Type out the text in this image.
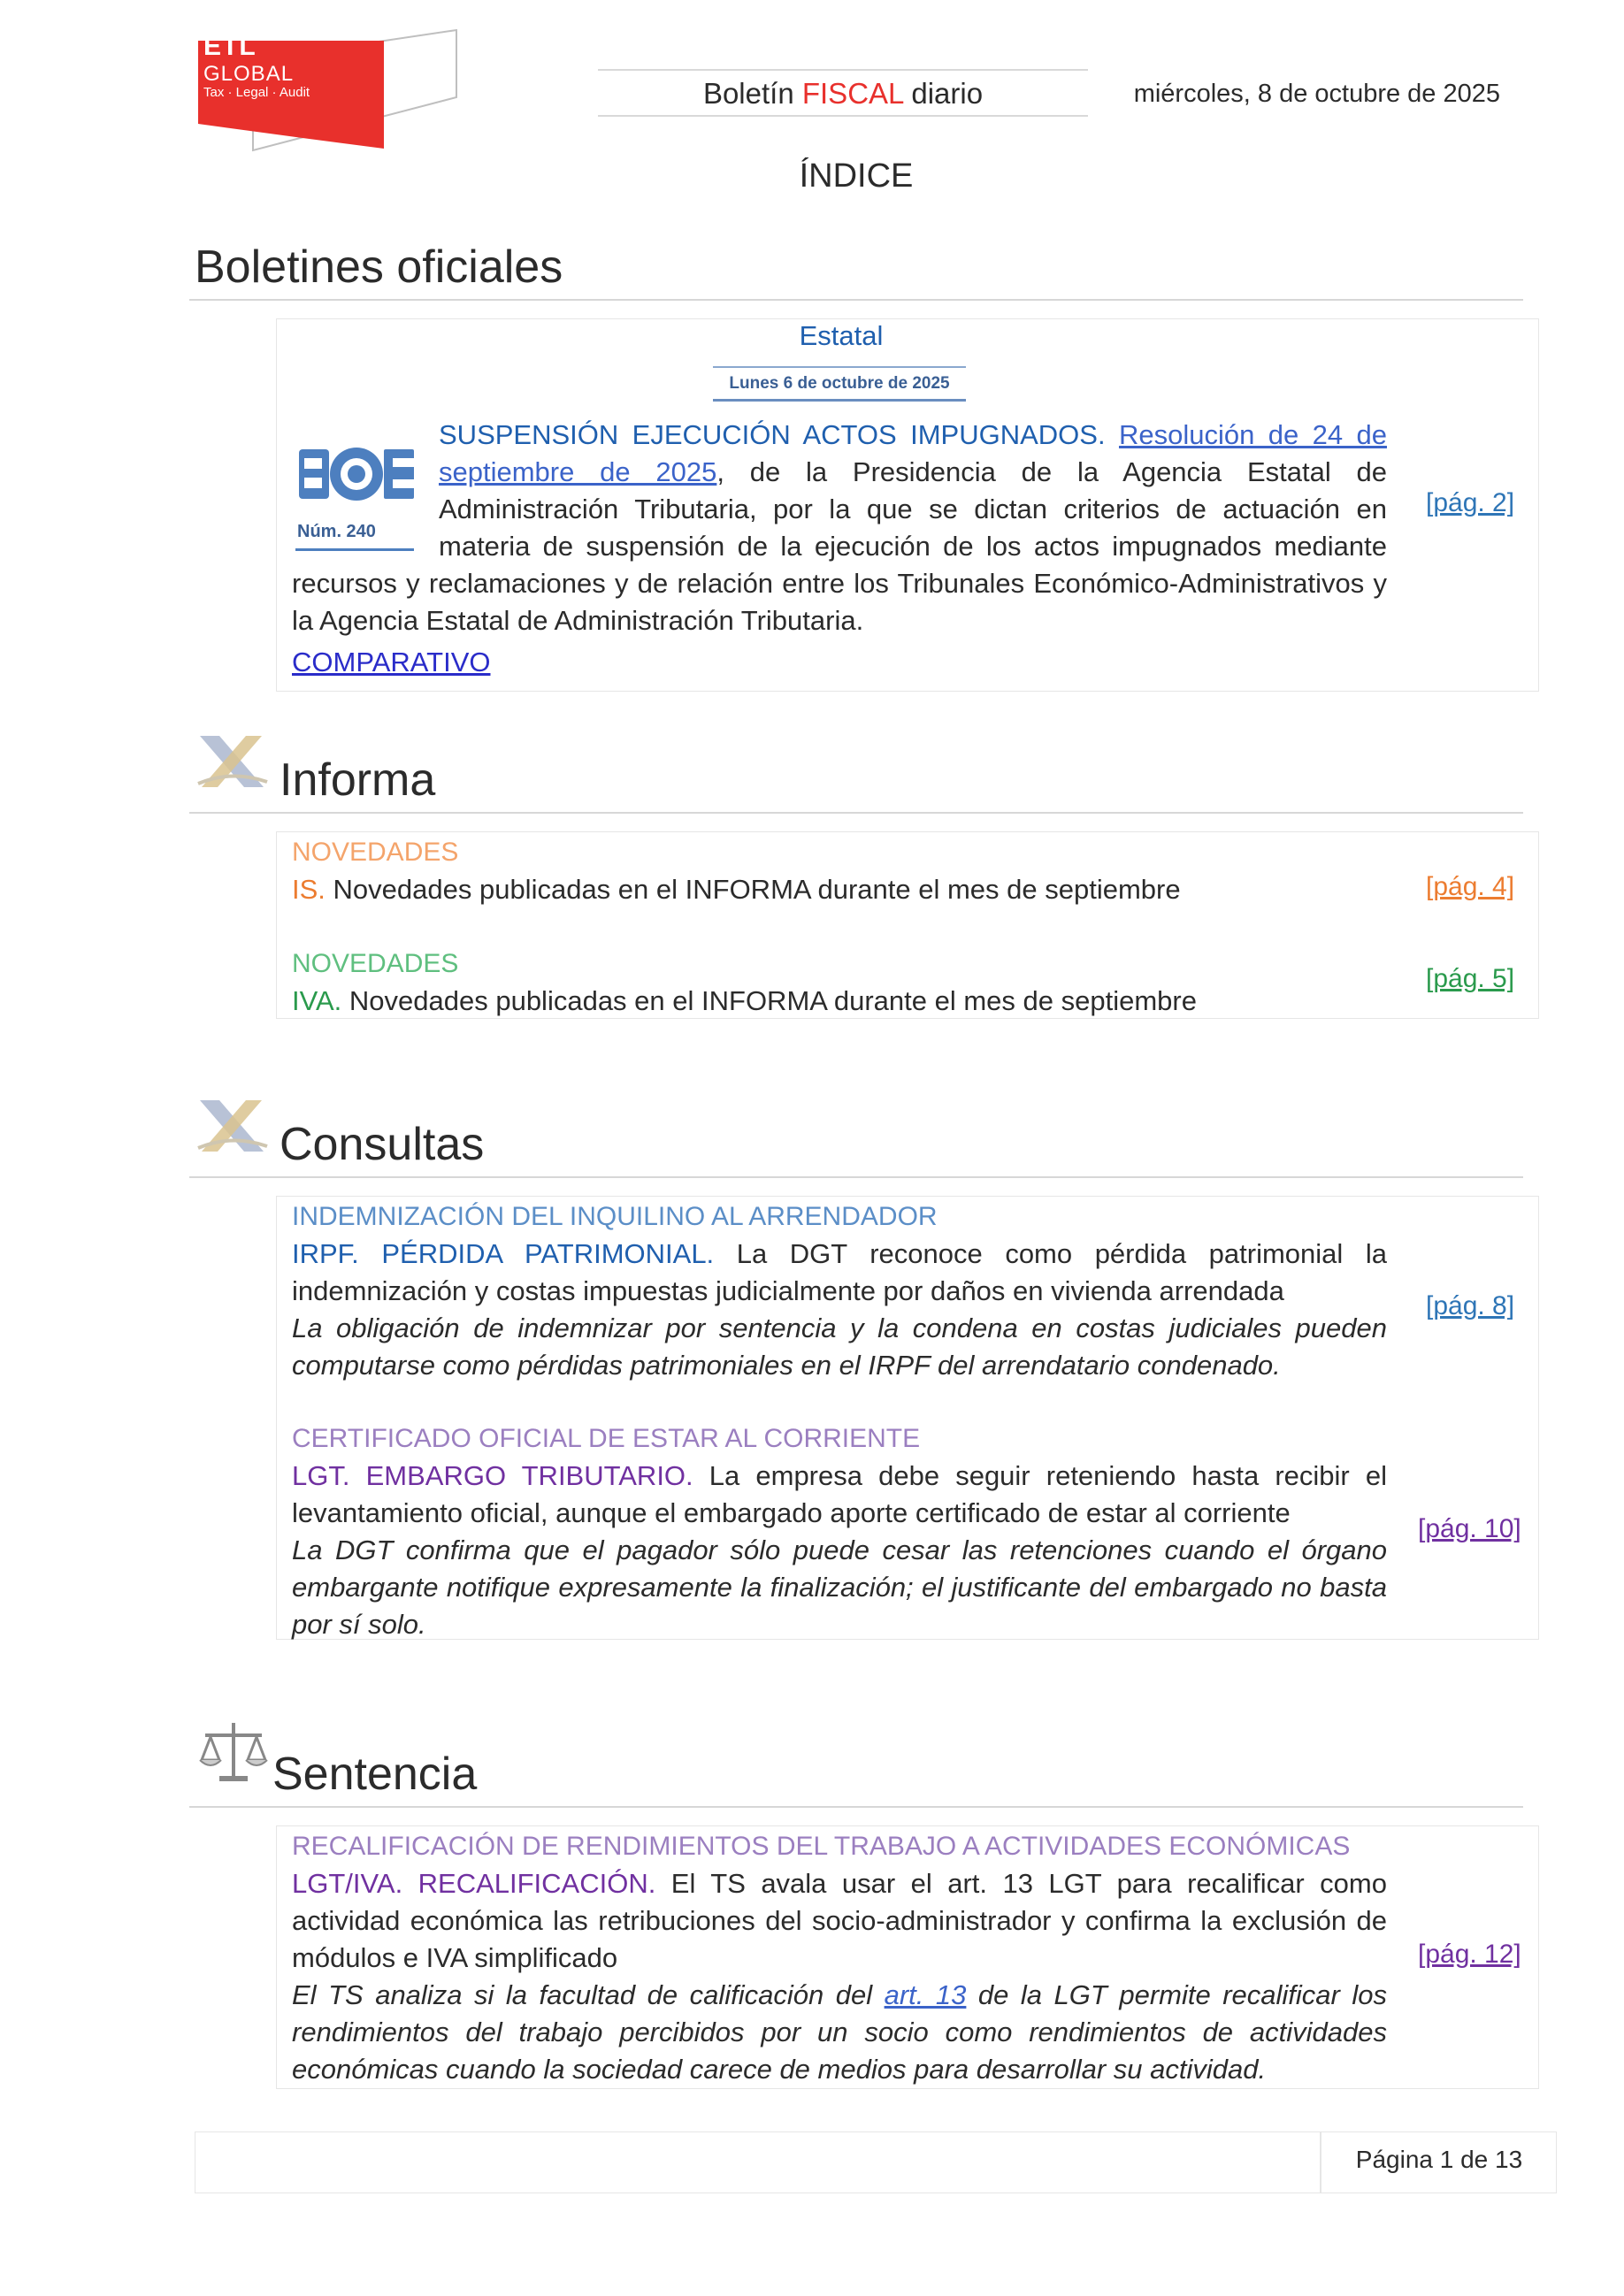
ETL
GLOBAL
Tax · Legal · Audit	Boletín FISCAL diario	miércoles, 8 de octubre de 2025
ÍNDICE
Boletines oficiales
Estatal
Lunes 6 de octubre de 2025
Núm. 240
SUSPENSIÓN EJECUCIÓN ACTOS IMPUGNADOS. Resolución de 24 de septiembre de 2025, de la Presidencia de la Agencia Estatal de Administración Tributaria, por la que se dictan criterios de actuación en materia de suspensión de la ejecución de los actos impugnados mediante recursos y reclamaciones y de relación entre los Tribunales Económico-Administrativos y la Agencia Estatal de Administración Tributaria.
COMPARATIVO
[pág. 2]
Informa
NOVEDADES
IS. Novedades publicadas en el INFORMA durante el mes de septiembre	[pág. 4]
NOVEDADES
IVA. Novedades publicadas en el INFORMA durante el mes de septiembre
[pág. 5]
Consultas
INDEMNIZACIÓN DEL INQUILINO AL ARRENDADOR
IRPF. PÉRDIDA PATRIMONIAL. La DGT reconoce como pérdida patrimonial la indemnización y costas impuestas judicialmente por daños en vivienda arrendada
La obligación de indemnizar por sentencia y la condena en costas judiciales pueden computarse como pérdidas patrimoniales en el IRPF del arrendatario condenado.
[pág. 8]
CERTIFICADO OFICIAL DE ESTAR AL CORRIENTE
LGT. EMBARGO TRIBUTARIO. La empresa debe seguir reteniendo hasta recibir el levantamiento oficial, aunque el embargado aporte certificado de estar al corriente
La DGT confirma que el pagador sólo puede cesar las retenciones cuando el órgano embargante notifique expresamente la finalización; el justificante del embargado no basta por sí solo.
[pág. 10]
Sentencia
RECALIFICACIÓN DE RENDIMIENTOS DEL TRABAJO A ACTIVIDADES ECONÓMICAS
LGT/IVA. RECALIFICACIÓN. El TS avala usar el art. 13 LGT para recalificar como actividad económica las retribuciones del socio-administrador y confirma la exclusión de módulos e IVA simplificado
El TS analiza si la facultad de calificación del art. 13 de la LGT permite recalificar los rendimientos del trabajo percibidos por un socio como rendimientos de actividades económicas cuando la sociedad carece de medios para desarrollar su actividad.
[pág. 12]
Página 1 de 13
